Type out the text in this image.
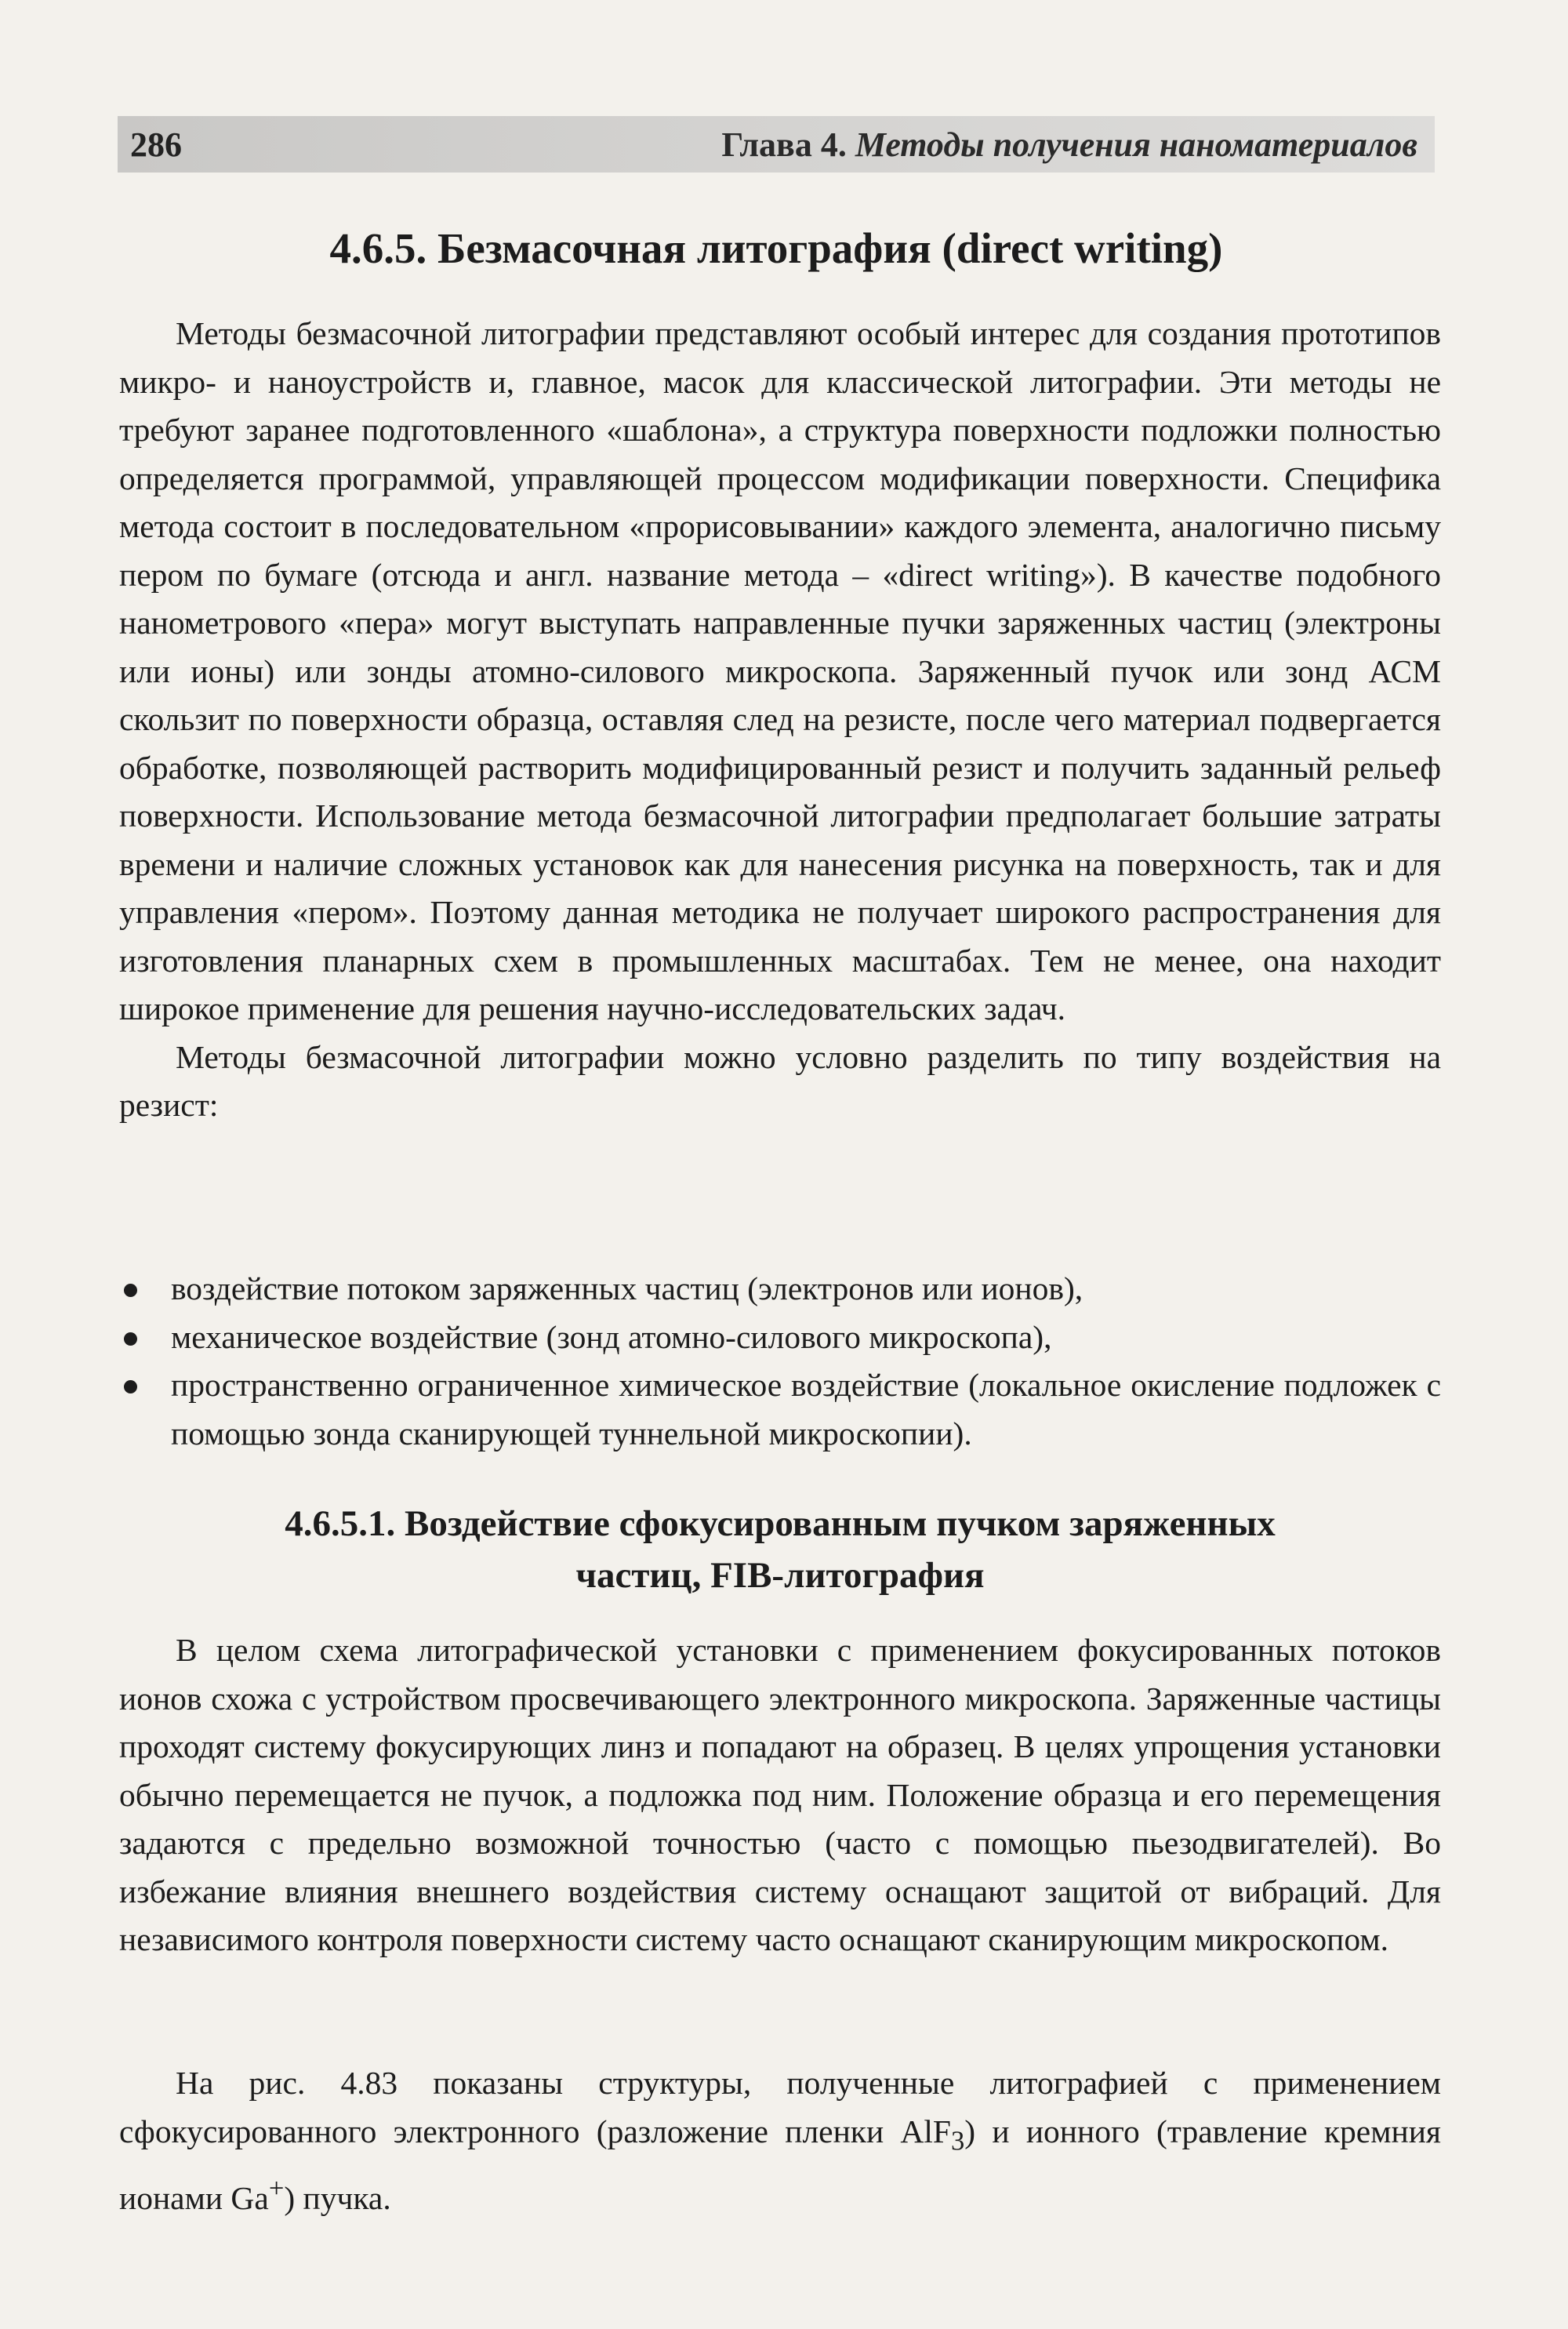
286	Глава 4. Методы получения наноматериалов
4.6.5. Безмасочная литография (direct writing)

Методы безмасочной литографии представляют особый интерес для создания прототипов микро- и наноустройств и, главное, масок для классической литографии. Эти методы не требуют заранее подготовленного «шаблона», а структура поверхности подложки полностью определяется программой, управляющей процессом модификации поверхности. Специфика метода состоит в последовательном «прорисовывании» каждого элемента, аналогично письму пером по бумаге (отсюда и англ. название метода – «direct writing»). В качестве подобного нанометрового «пера» могут выступать направленные пучки заряженных частиц (электроны или ионы) или зонды атомно-силового микроскопа. Заряженный пучок или зонд АСМ скользит по поверхности образца, оставляя след на резисте, после чего материал подвергается обработке, позволяющей растворить модифицированный резист и получить заданный рельеф поверхности. Использование метода безмасочной литографии предполагает большие затраты времени и наличие сложных установок как для нанесения рисунка на поверхность, так и для управления «пером». Поэтому данная методика не получает широкого распространения для изготовления планарных схем в промышленных масштабах. Тем не менее, она находит широкое применение для решения научно-исследовательских задач.

Методы безмасочной литографии можно условно разделить по типу воздействия на резист:

воздействие потоком заряженных частиц (электронов или ионов),
механическое воздействие (зонд атомно-силового микроскопа),
пространственно ограниченное химическое воздействие (локальное окисление подложек с помощью зонда сканирующей туннельной микроскопии).
4.6.5.1. Воздействие сфокусированным пучком заряженных
частиц, FIB-литография

В целом схема литографической установки с применением фокусированных потоков ионов схожа с устройством просвечивающего электронного микроскопа. Заряженные частицы проходят систему фокусирующих линз и попадают на образец. В целях упрощения установки обычно перемещается не пучок, а подложка под ним. Положение образца и его перемещения задаются с предельно возможной точностью (часто с помощью пьезодвигателей). Во избежание влияния внешнего воздействия систему оснащают защитой от вибраций. Для независимого контроля поверхности систему часто оснащают сканирующим микроскопом.

На рис. 4.83 показаны структуры, полученные литографией с применением сфокусированного электронного (разложение пленки AlF$_3$) и ионного (травление кремния ионами Ga+) пучка.
